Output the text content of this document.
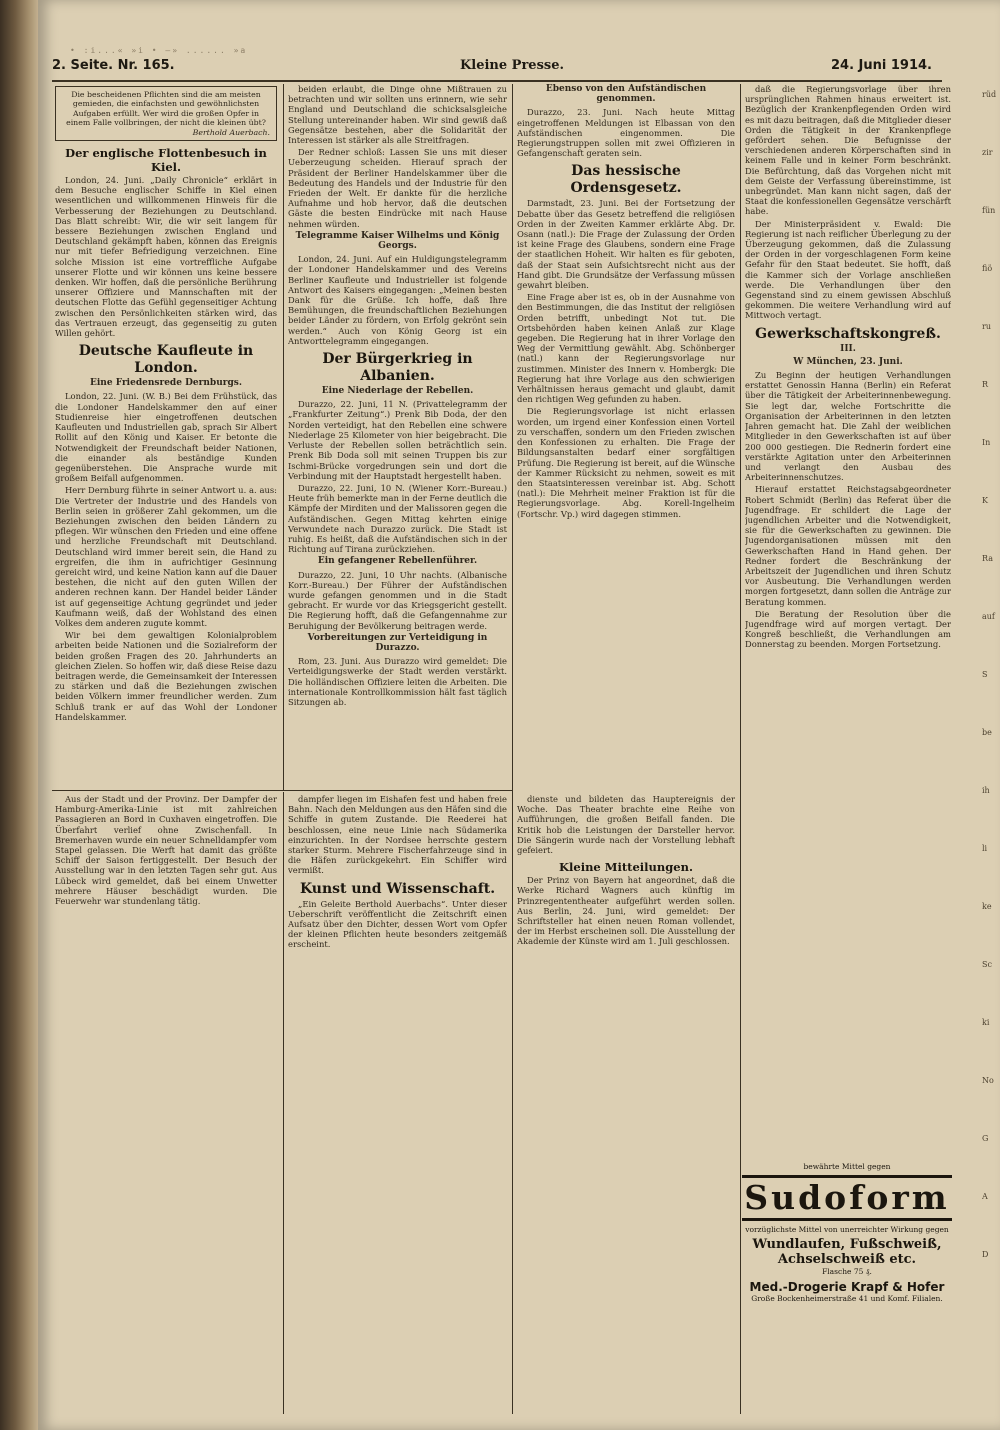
• :i...« »i • —» ...... »a
2. Seite. Nr. 165.	Kleine Presse.	24. Juni 1914.
Die bescheidenen Pflichten sind die am meisten gemieden, die einfachsten und gewöhnlichsten Aufgaben erfüllt. Wer wird die großen Opfer in einem Falle vollbringen, der nicht die kleinen übt?
Berthold Auerbach.
Der englische Flottenbesuch in Kiel.

London, 24. Juni. „Daily Chronicle“ erklärt in dem Besuche englischer Schiffe in Kiel einen wesentlichen und willkommenen Hinweis für die Verbesserung der Beziehungen zu Deutschland. Das Blatt schreibt: Wir, die wir seit langem für bessere Beziehungen zwischen England und Deutschland gekämpft haben, können das Ereignis nur mit tiefer Befriedigung verzeichnen. Eine solche Mission ist eine vortreffliche Aufgabe unserer Flotte und wir können uns keine bessere denken. Wir hoffen, daß die persönliche Berührung unserer Offiziere und Mannschaften mit der deutschen Flotte das Gefühl gegenseitiger Achtung zwischen den Persönlichkeiten stärken wird, das das Vertrauen erzeugt, das gegenseitig zu guten Willen gehört.

Deutsche Kaufleute in London.
Eine Friedensrede Dernburgs.

London, 22. Juni. (W. B.) Bei dem Frühstück, das die Londoner Handelskammer den auf einer Studienreise hier eingetroffenen deutschen Kaufleuten und Industriellen gab, sprach Sir Albert Rollit auf den König und Kaiser. Er betonte die Notwendigkeit der Freundschaft beider Nationen, die einander als beständige Kunden gegenüberstehen. Die Ansprache wurde mit großem Beifall aufgenommen.

Herr Dernburg führte in seiner Antwort u. a. aus: Die Vertreter der Industrie und des Handels von Berlin seien in größerer Zahl gekommen, um die Beziehungen zwischen den beiden Ländern zu pflegen. Wir wünschen den Frieden und eine offene und herzliche Freundschaft mit Deutschland. Deutschland wird immer bereit sein, die Hand zu ergreifen, die ihm in aufrichtiger Gesinnung gereicht wird, und keine Nation kann auf die Dauer bestehen, die nicht auf den guten Willen der anderen rechnen kann. Der Handel beider Länder ist auf gegenseitige Achtung gegründet und jeder Kaufmann weiß, daß der Wohlstand des einen Volkes dem anderen zugute kommt.

Wir bei dem gewaltigen Kolonialproblem arbeiten beide Nationen und die Sozialreform der beiden großen Fragen des 20. Jahrhunderts an gleichen Zielen. So hoffen wir, daß diese Reise dazu beitragen werde, die Gemeinsamkeit der Interessen zu stärken und daß die Beziehungen zwischen beiden Völkern immer freundlicher werden. Zum Schluß trank er auf das Wohl der Londoner Handelskammer.

beiden erlaubt, die Dinge ohne Mißtrauen zu betrachten und wir sollten uns erinnern, wie sehr England und Deutschland die schicksalsgleiche Stellung untereinander haben. Wir sind gewiß daß Gegensätze bestehen, aber die Solidarität der Interessen ist stärker als alle Streitfragen.

Der Redner schloß: Lassen Sie uns mit dieser Ueberzeugung scheiden. Hierauf sprach der Präsident der Berliner Handelskammer über die Bedeutung des Handels und der Industrie für den Frieden der Welt. Er dankte für die herzliche Aufnahme und hob hervor, daß die deutschen Gäste die besten Eindrücke mit nach Hause nehmen würden.

Telegramme Kaiser Wilhelms und König Georgs.

London, 24. Juni. Auf ein Huldigungstelegramm der Londoner Handelskammer und des Vereins Berliner Kaufleute und Industrieller ist folgende Antwort des Kaisers eingegangen: „Meinen besten Dank für die Grüße. Ich hoffe, daß Ihre Bemühungen, die freundschaftlichen Beziehungen beider Länder zu fördern, von Erfolg gekrönt sein werden.“ Auch von König Georg ist ein Antworttelegramm eingegangen.

Der Bürgerkrieg in Albanien.
Eine Niederlage der Rebellen.

Durazzo, 22. Juni, 11 N. (Privattelegramm der „Frankfurter Zeitung“.) Prenk Bib Doda, der den Norden verteidigt, hat den Rebellen eine schwere Niederlage 25 Kilometer von hier beigebracht. Die Verluste der Rebellen sollen beträchtlich sein. Prenk Bib Doda soll mit seinen Truppen bis zur Ischmi-Brücke vorgedrungen sein und dort die Verbindung mit der Hauptstadt hergestellt haben.

Durazzo, 22. Juni, 10 N. (Wiener Korr.-Bureau.) Heute früh bemerkte man in der Ferne deutlich die Kämpfe der Mirditen und der Malissoren gegen die Aufständischen. Gegen Mittag kehrten einige Verwundete nach Durazzo zurück. Die Stadt ist ruhig. Es heißt, daß die Aufständischen sich in der Richtung auf Tirana zurückziehen.

Ein gefangener Rebellenführer.

Durazzo, 22. Juni, 10 Uhr nachts. (Albanische Korr.-Bureau.) Der Führer der Aufständischen wurde gefangen genommen und in die Stadt gebracht. Er wurde vor das Kriegsgericht gestellt. Die Regierung hofft, daß die Gefangennahme zur Beruhigung der Bevölkerung beitragen werde.

Vorbereitungen zur Verteidigung in Durazzo.

Rom, 23. Juni. Aus Durazzo wird gemeldet: Die Verteidigungswerke der Stadt werden verstärkt. Die holländischen Offiziere leiten die Arbeiten. Die internationale Kontrollkommission hält fast täglich Sitzungen ab.

Ebenso von den Aufständischen genommen.

Durazzo, 23. Juni. Nach heute Mittag eingetroffenen Meldungen ist Elbassan von den Aufständischen eingenommen. Die Regierungstruppen sollen mit zwei Offizieren in Gefangenschaft geraten sein.

Das hessische Ordensgesetz.

Darmstadt, 23. Juni. Bei der Fortsetzung der Debatte über das Gesetz betreffend die religiösen Orden in der Zweiten Kammer erklärte Abg. Dr. Osann (natl.): Die Frage der Zulassung der Orden ist keine Frage des Glaubens, sondern eine Frage der staatlichen Hoheit. Wir halten es für geboten, daß der Staat sein Aufsichtsrecht nicht aus der Hand gibt. Die Grundsätze der Verfassung müssen gewahrt bleiben.

Eine Frage aber ist es, ob in der Ausnahme von den Bestimmungen, die das Institut der religiösen Orden betrifft, unbedingt Not tut. Die Ortsbehörden haben keinen Anlaß zur Klage gegeben. Die Regierung hat in ihrer Vorlage den Weg der Vermittlung gewählt. Abg. Schönberger (natl.) kann der Regierungsvorlage nur zustimmen. Minister des Innern v. Hombergk: Die Regierung hat ihre Vorlage aus den schwierigen Verhältnissen heraus gemacht und glaubt, damit den richtigen Weg gefunden zu haben.

Die Regierungsvorlage ist nicht erlassen worden, um irgend einer Konfession einen Vorteil zu verschaffen, sondern um den Frieden zwischen den Konfessionen zu erhalten. Die Frage der Bildungsanstalten bedarf einer sorgfältigen Prüfung. Die Regierung ist bereit, auf die Wünsche der Kammer Rücksicht zu nehmen, soweit es mit den Staatsinteressen vereinbar ist. Abg. Schott (natl.): Die Mehrheit meiner Fraktion ist für die Regierungsvorlage. Abg. Korell-Ingelheim (Fortschr. Vp.) wird dagegen stimmen.

daß die Regierungsvorlage über ihren ursprünglichen Rahmen hinaus erweitert ist. Bezüglich der Krankenpflegenden Orden wird es mit dazu beitragen, daß die Mitglieder dieser Orden die Tätigkeit in der Krankenpflege gefördert sehen. Die Befugnisse der verschiedenen anderen Körperschaften sind in keinem Falle und in keiner Form beschränkt. Die Befürchtung, daß das Vorgehen nicht mit dem Geiste der Verfassung übereinstimme, ist unbegründet. Man kann nicht sagen, daß der Staat die konfessionellen Gegensätze verschärft habe.

Der Ministerpräsident v. Ewald: Die Regierung ist nach reiflicher Überlegung zu der Überzeugung gekommen, daß die Zulassung der Orden in der vorgeschlagenen Form keine Gefahr für den Staat bedeutet. Sie hofft, daß die Kammer sich der Vorlage anschließen werde. Die Verhandlungen über den Gegenstand sind zu einem gewissen Abschluß gekommen. Die weitere Verhandlung wird auf Mittwoch vertagt.

Gewerkschaftskongreß.
III.
W München, 23. Juni.

Zu Beginn der heutigen Verhandlungen erstattet Genossin Hanna (Berlin) ein Referat über die Tätigkeit der Arbeiterinnenbewegung. Sie legt dar, welche Fortschritte die Organisation der Arbeiterinnen in den letzten Jahren gemacht hat. Die Zahl der weiblichen Mitglieder in den Gewerkschaften ist auf über 200 000 gestiegen. Die Rednerin fordert eine verstärkte Agitation unter den Arbeiterinnen und verlangt den Ausbau des Arbeiterinnenschutzes.

Hierauf erstattet Reichstagsabgeordneter Robert Schmidt (Berlin) das Referat über die Jugendfrage. Er schildert die Lage der jugendlichen Arbeiter und die Notwendigkeit, sie für die Gewerkschaften zu gewinnen. Die Jugendorganisationen müssen mit den Gewerkschaften Hand in Hand gehen. Der Redner fordert die Beschränkung der Arbeitszeit der Jugendlichen und ihren Schutz vor Ausbeutung. Die Verhandlungen werden morgen fortgesetzt, dann sollen die Anträge zur Beratung kommen.

Die Beratung der Resolution über die Jugendfrage wird auf morgen vertagt. Der Kongreß beschließt, die Verhandlungen am Donnerstag zu beenden. Morgen Fortsetzung.

Aus der Stadt und der Provinz. Der Dampfer der Hamburg-Amerika-Linie ist mit zahlreichen Passagieren an Bord in Cuxhaven eingetroffen. Die Überfahrt verlief ohne Zwischenfall. In Bremerhaven wurde ein neuer Schnelldampfer vom Stapel gelassen. Die Werft hat damit das größte Schiff der Saison fertiggestellt. Der Besuch der Ausstellung war in den letzten Tagen sehr gut. Aus Lübeck wird gemeldet, daß bei einem Unwetter mehrere Häuser beschädigt wurden. Die Feuerwehr war stundenlang tätig.

dampfer liegen im Eishafen fest und haben freie Bahn. Nach den Meldungen aus den Häfen sind die Schiffe in gutem Zustande. Die Reederei hat beschlossen, eine neue Linie nach Südamerika einzurichten. In der Nordsee herrschte gestern starker Sturm. Mehrere Fischerfahrzeuge sind in die Häfen zurückgekehrt. Ein Schiffer wird vermißt.

Kunst und Wissenschaft.

„Ein Geleite Berthold Auerbachs“. Unter dieser Ueberschrift veröffentlicht die Zeitschrift einen Aufsatz über den Dichter, dessen Wort vom Opfer der kleinen Pflichten heute besonders zeitgemäß erscheint.

dienste und bildeten das Hauptereignis der Woche. Das Theater brachte eine Reihe von Aufführungen, die großen Beifall fanden. Die Kritik hob die Leistungen der Darsteller hervor. Die Sängerin wurde nach der Vorstellung lebhaft gefeiert.

Kleine Mitteilungen.

Der Prinz von Bayern hat angeordnet, daß die Werke Richard Wagners auch künftig im Prinzregententheater aufgeführt werden sollen. Aus Berlin, 24. Juni, wird gemeldet: Der Schriftsteller hat einen neuen Roman vollendet, der im Herbst erscheinen soll. Die Ausstellung der Akademie der Künste wird am 1. Juli geschlossen.

bewährte Mittel gegen
Sudoform
vorzüglichste Mittel von unerreichter Wirkung gegen
Wundlaufen, Fußschweiß, Achselschweiß etc.
Flasche 75 ₰.
Med.-Drogerie Krapf & Hofer
Große Bockenheimerstraße 41 und Komf. Filialen.
rüd
zir
fün
fiö
ru
R
In
K
Ra
auf
S
be
ih
li
ke
Sc
ki
No
G
A
D
